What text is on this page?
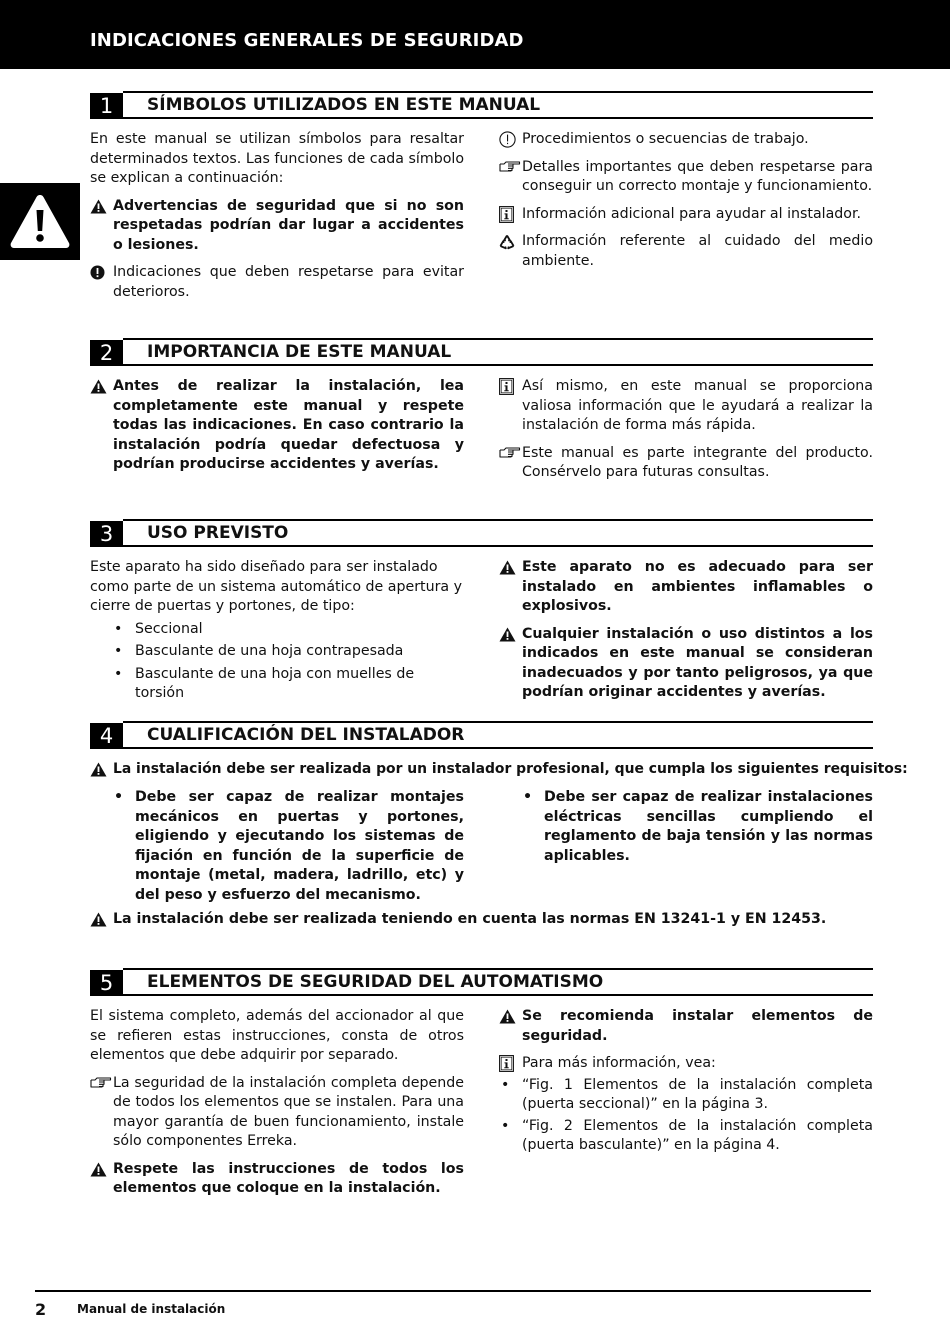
INDICACIONES GENERALES DE SEGURIDAD
1	SÍMBOLOS UTILIZADOS EN ESTE MANUAL

En este manual se utilizan símbolos para resaltar determinados textos. Las funciones de cada símbolo se explican a continuación:

Advertencias de seguridad que si no son respetadas podrían dar lugar a accidentes o lesiones.
Indicaciones que deben respetarse para evitar deterioros.
Procedimientos o secuencias de trabajo.
Detalles importantes que deben respetarse para conseguir un correcto montaje y funcionamiento.
Información adicional para ayudar al instalador.
Información referente al cuidado del medio ambiente.
2	IMPORTANCIA DE ESTE MANUAL
Antes de realizar la instalación, lea completamente este manual y respete todas las indicaciones. En caso contrario la instalación podría quedar defectuosa y podrían producirse accidentes y averías.
Así mismo, en este manual se proporciona valiosa información que le ayudará a realizar la instalación de forma más rápida.
Este manual es parte integrante del producto. Consérvelo para futuras consultas.
3	USO PREVISTO

Este aparato ha sido diseñado para ser instalado como parte de un sistema automático de apertura y cierre de puertas y portones, de tipo:

• Seccional
• Basculante de una hoja contrapesada
• Basculante de una hoja con muelles de torsión
Este aparato no es adecuado para ser instalado en ambientes inflamables o explosivos.
Cualquier instalación o uso distintos a los indicados en este manual se consideran inadecuados y por tanto peligrosos, ya que podrían originar accidentes y averías.
4	CUALIFICACIÓN DEL INSTALADOR
La instalación debe ser realizada por un instalador profesional, que cumpla los siguientes requisitos:
• Debe ser capaz de realizar montajes mecánicos en puertas y portones, eligiendo y ejecutando los sistemas de fijación en función de la superficie de montaje (metal, madera, ladrillo, etc) y del peso y esfuerzo del mecanismo.
• Debe ser capaz de realizar instalaciones eléctricas sencillas cumpliendo el reglamento de baja tensión y las normas aplicables.
La instalación debe ser realizada teniendo en cuenta las normas EN 13241-1 y EN 12453.
5	ELEMENTOS DE SEGURIDAD DEL AUTOMATISMO

El sistema completo, además del accionador al que se refieren estas instrucciones, consta de otros elementos que debe adquirir por separado.

La seguridad de la instalación completa depende de todos los elementos que se instalen. Para una mayor garantía de buen funcionamiento, instale sólo componentes Erreka.
Respete las instrucciones de todos los elementos que coloque en la instalación.
Se recomienda instalar elementos de seguridad.
Para más información, vea:
• “Fig. 1 Elementos de la instalación completa (puerta seccional)” en la página 3.
• “Fig. 2 Elementos de la instalación completa (puerta basculante)” en la página 4.
2	Manual de instalación
